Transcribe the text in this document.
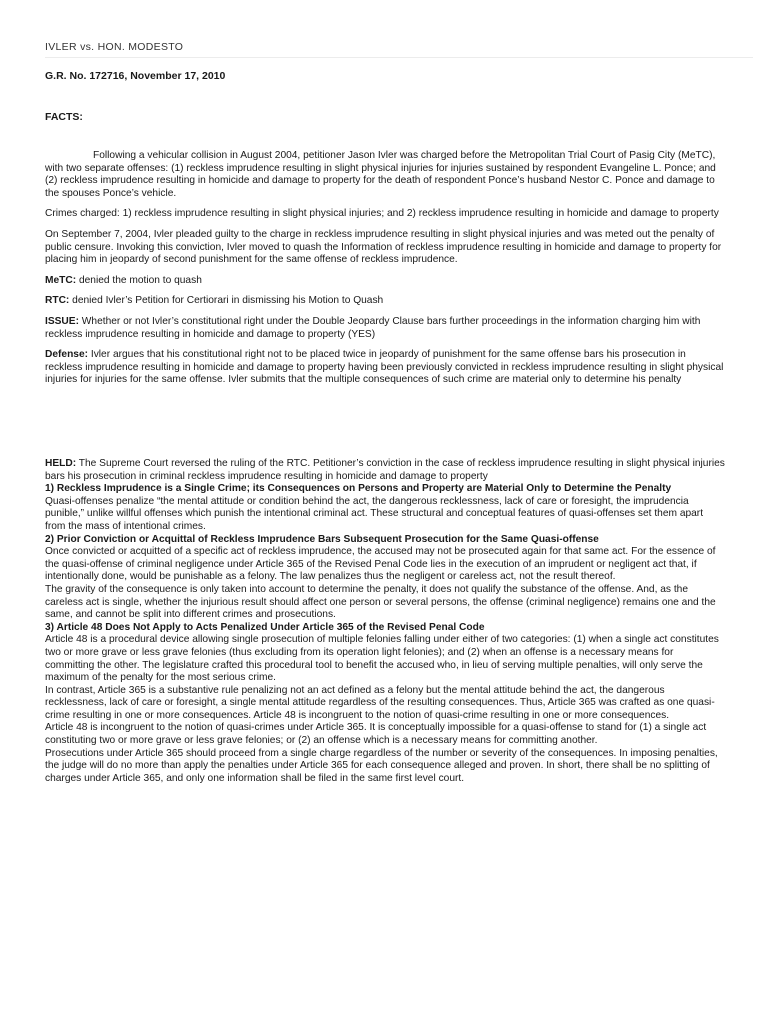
IVLER vs. HON. MODESTO
G.R. No. 172716, November 17, 2010
FACTS:

Following a vehicular collision in August 2004, petitioner Jason Ivler was charged before the Metropolitan Trial Court of Pasig City (MeTC), with two separate offenses: (1) reckless imprudence resulting in slight physical injuries for injuries sustained by respondent Evangeline L. Ponce; and (2) reckless imprudence resulting in homicide and damage to property for the death of respondent Ponce’s husband Nestor C. Ponce and damage to the spouses Ponce’s vehicle.

Crimes charged: 1) reckless imprudence resulting in slight physical injuries; and 2) reckless imprudence resulting in homicide and damage to property

On September 7, 2004, Ivler pleaded guilty to the charge in reckless imprudence resulting in slight physical injuries and was meted out the penalty of public censure. Invoking this conviction, Ivler moved to quash the Information of reckless imprudence resulting in homicide and damage to property for placing him in jeopardy of second punishment for the same offense of reckless imprudence.

MeTC: denied the motion to quash

RTC: denied Ivler’s Petition for Certiorari in dismissing his Motion to Quash

ISSUE: Whether or not Ivler’s constitutional right under the Double Jeopardy Clause bars further proceedings in the information charging him with reckless imprudence resulting in homicide and damage to property (YES)

Defense: Ivler argues that his constitutional right not to be placed twice in jeopardy of punishment for the same offense bars his prosecution in reckless imprudence resulting in homicide and damage to property having been previously convicted in reckless imprudence resulting in slight physical injuries for injuries for the same offense. Ivler submits that the multiple consequences of such crime are material only to determine his penalty

HELD: The Supreme Court reversed the ruling of the RTC. Petitioner’s conviction in the case of reckless imprudence resulting in slight physical injuries bars his prosecution in criminal reckless imprudence resulting in homicide and damage to property

1) Reckless Imprudence is a Single Crime; its Consequences on Persons and Property are Material Only to Determine the Penalty

Quasi-offenses penalize “the mental attitude or condition behind the act, the dangerous recklessness, lack of care or foresight, the imprudencia punible,” unlike willful offenses which punish the intentional criminal act. These structural and conceptual features of quasi-offenses set them apart from the mass of intentional crimes.

2) Prior Conviction or Acquittal of Reckless Imprudence Bars Subsequent Prosecution for the Same Quasi-offense

Once convicted or acquitted of a specific act of reckless imprudence, the accused may not be prosecuted again for that same act. For the essence of the quasi-offense of criminal negligence under Article 365 of the Revised Penal Code lies in the execution of an imprudent or negligent act that, if intentionally done, would be punishable as a felony. The law penalizes thus the negligent or careless act, not the result thereof.

The gravity of the consequence is only taken into account to determine the penalty, it does not qualify the substance of the offense. And, as the careless act is single, whether the injurious result should affect one person or several persons, the offense (criminal negligence) remains one and the same, and cannot be split into different crimes and prosecutions.

3) Article 48 Does Not Apply to Acts Penalized Under Article 365 of the Revised Penal Code

Article 48 is a procedural device allowing single prosecution of multiple felonies falling under either of two categories: (1) when a single act constitutes two or more grave or less grave felonies (thus excluding from its operation light felonies); and (2) when an offense is a necessary means for committing the other. The legislature crafted this procedural tool to benefit the accused who, in lieu of serving multiple penalties, will only serve the maximum of the penalty for the most serious crime.

In contrast, Article 365 is a substantive rule penalizing not an act defined as a felony but the mental attitude behind the act, the dangerous recklessness, lack of care or foresight, a single mental attitude regardless of the resulting consequences. Thus, Article 365 was crafted as one quasi-crime resulting in one or more consequences. Article 48 is incongruent to the notion of quasi-crime resulting in one or more consequences.

Article 48 is incongruent to the notion of quasi-crimes under Article 365. It is conceptually impossible for a quasi-offense to stand for (1) a single act constituting two or more grave or less grave felonies; or (2) an offense which is a necessary means for committing another.

Prosecutions under Article 365 should proceed from a single charge regardless of the number or severity of the consequences. In imposing penalties, the judge will do no more than apply the penalties under Article 365 for each consequence alleged and proven. In short, there shall be no splitting of charges under Article 365, and only one information shall be filed in the same first level court.
